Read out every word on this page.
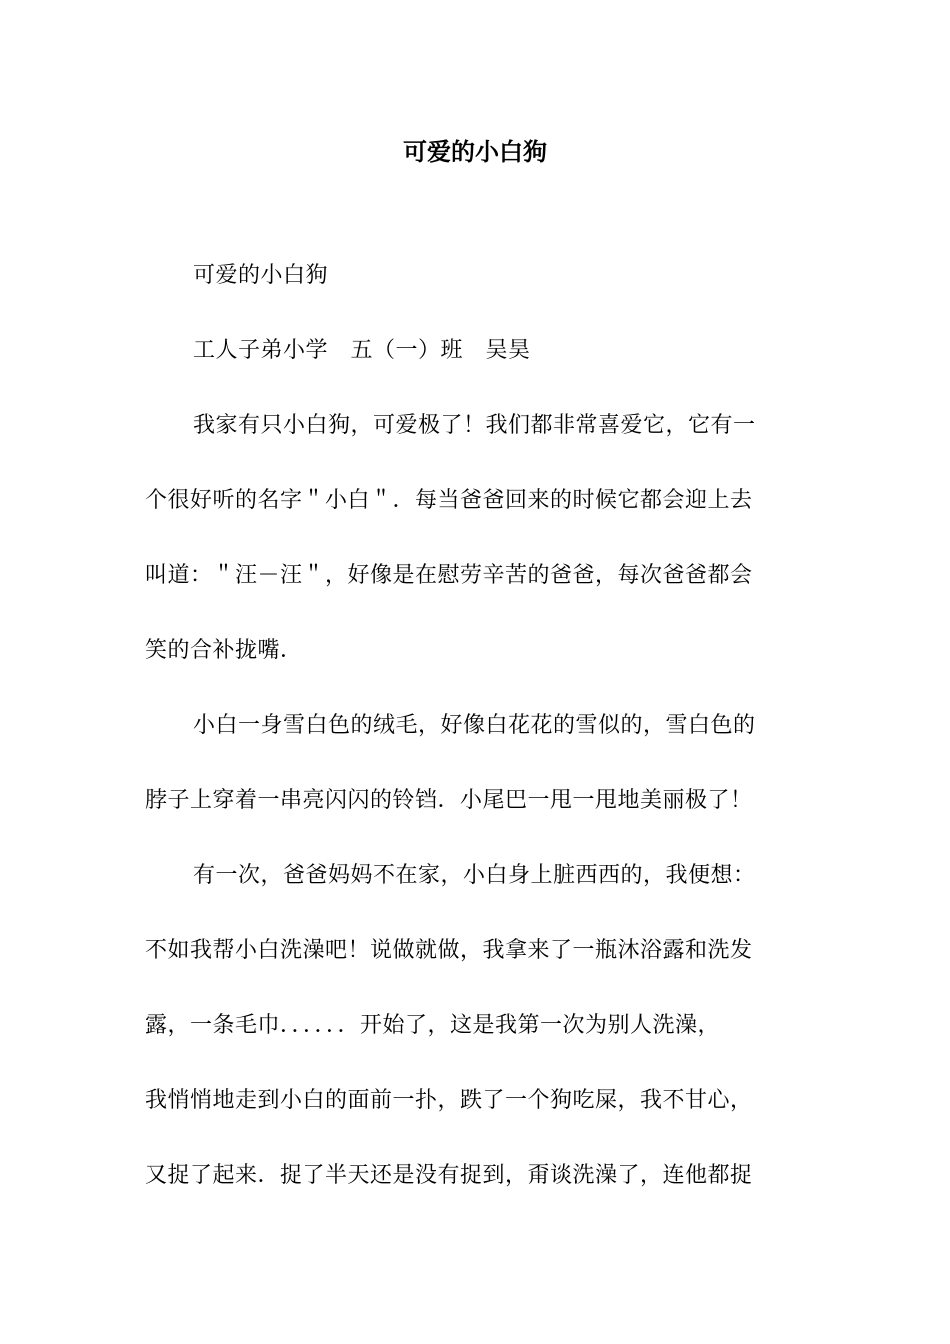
可爱的小白狗
可爱的小白狗
工人子弟小学　五（一）班　吴昊
我家有只小白狗，可爱极了！我们都非常喜爱它，它有一
个很好听的名字＂小白＂．每当爸爸回来的时候它都会迎上去
叫道：＂汪－汪＂，好像是在慰劳辛苦的爸爸，每次爸爸都会
笑的合补拢嘴．
小白一身雪白色的绒毛，好像白花花的雪似的，雪白色的
脖子上穿着一串亮闪闪的铃铛．小尾巴一甩一甩地美丽极了！
有一次，爸爸妈妈不在家，小白身上脏西西的，我便想：
不如我帮小白洗澡吧！说做就做，我拿来了一瓶沐浴露和洗发
露，一条毛巾．．．．．．开始了，这是我第一次为别人洗澡，
我悄悄地走到小白的面前一扑，跌了一个狗吃屎，我不甘心，
又捉了起来．捉了半天还是没有捉到，甭谈洗澡了，连他都捉
